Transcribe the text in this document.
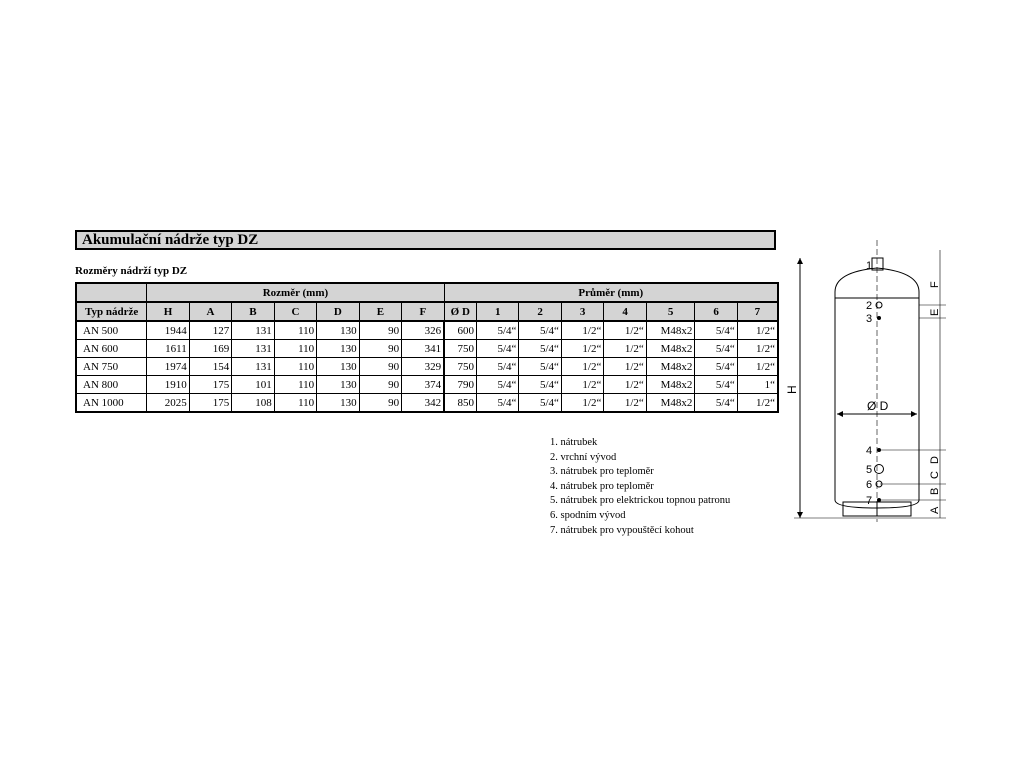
Akumulační nádrže typ DZ
Rozměry nádrží typ DZ
	Rozměr (mm)							Průměr (mm)							
Typ nádrže	H	A	B	C	D	E	F	Ø D	1	2	3	4	5	6	7
AN 500	1944	127	131	110	130	90	326	600	5/4“	5/4“	1/2“	1/2“	M48x2	5/4“	1/2“
AN 600	1611	169	131	110	130	90	341	750	5/4“	5/4“	1/2“	1/2“	M48x2	5/4“	1/2“
AN 750	1974	154	131	110	130	90	329	750	5/4“	5/4“	1/2“	1/2“	M48x2	5/4“	1/2“
AN 800	1910	175	101	110	130	90	374	790	5/4“	5/4“	1/2“	1/2“	M48x2	5/4“	1“
AN 1000	2025	175	108	110	130	90	342	850	5/4“	5/4“	1/2“	1/2“	M48x2	5/4“	1/2“
1. nátrubek
2. vrchní vývod
3. nátrubek pro teploměr
4. nátrubek pro teploměr
5. nátrubek pro elektrickou topnou patronu
6. spodním vývod
7. nátrubek pro vypouštěcí kohout
1
2
3
4
5
6
7
Ø D
H
F
E
D
C
B
A
